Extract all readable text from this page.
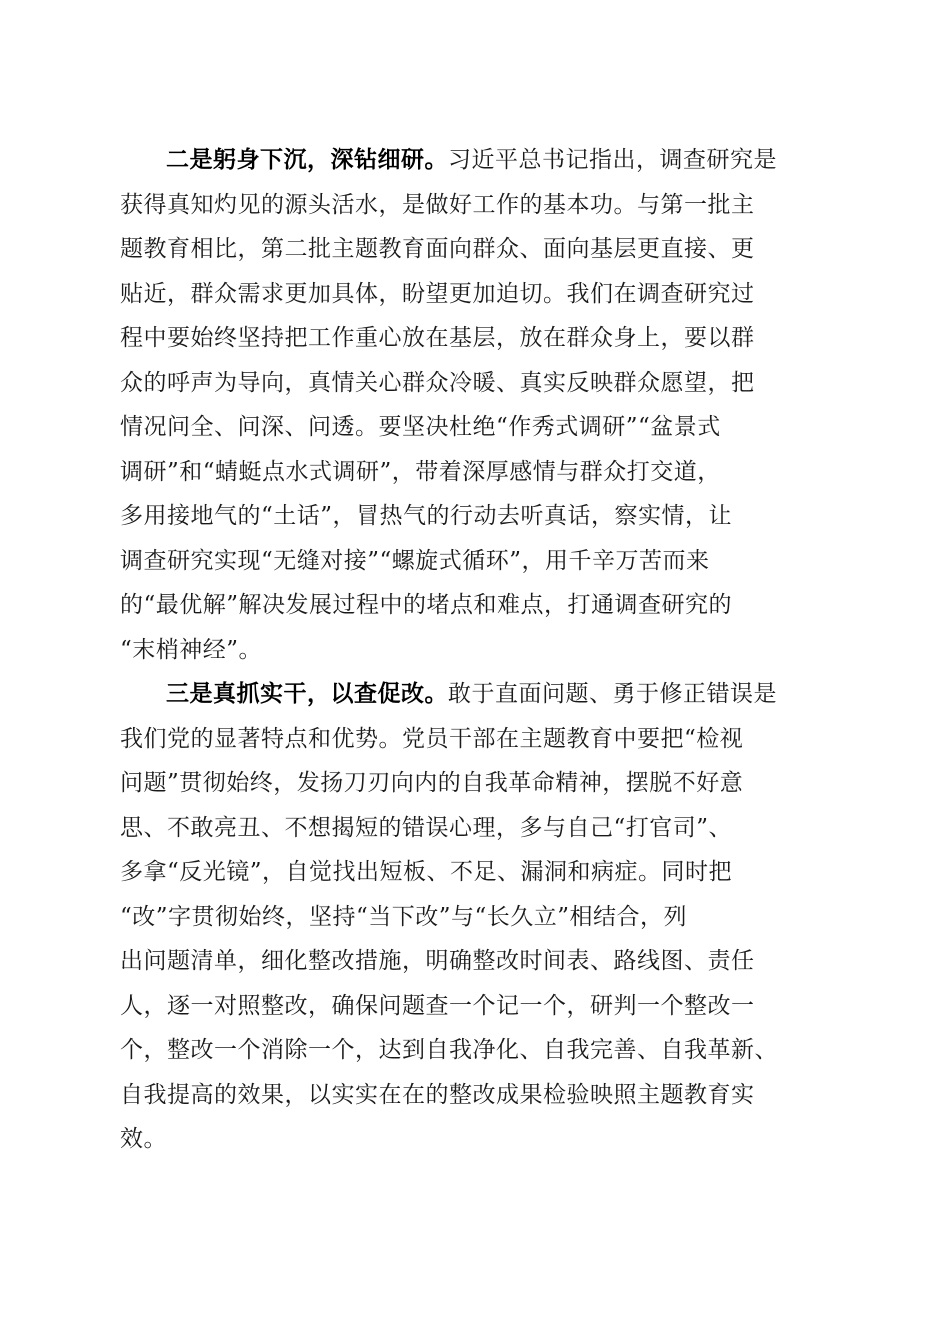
二是躬身下沉，深钻细研。习近平总书记指出，调查研究是
获得真知灼见的源头活水，是做好工作的基本功。与第一批主
题教育相比，第二批主题教育面向群众、面向基层更直接、更
贴近，群众需求更加具体，盼望更加迫切。我们在调查研究过
程中要始终坚持把工作重心放在基层，放在群众身上，要以群
众的呼声为导向，真情关心群众冷暖、真实反映群众愿望，把
情况问全、问深、问透。要坚决杜绝“作秀式调研”“盆景式
调研”和“蜻蜓点水式调研”，带着深厚感情与群众打交道，
多用接地气的“土话”，冒热气的行动去听真话，察实情，让
调查研究实现“无缝对接”“螺旋式循环”，用千辛万苦而来
的“最优解”解决发展过程中的堵点和难点，打通调查研究的
“末梢神经”。
三是真抓实干，以查促改。敢于直面问题、勇于修正错误是
我们党的显著特点和优势。党员干部在主题教育中要把“检视
问题”贯彻始终，发扬刀刃向内的自我革命精神，摆脱不好意
思、不敢亮丑、不想揭短的错误心理，多与自己“打官司”、
多拿“反光镜”，自觉找出短板、不足、漏洞和病症。同时把
“改”字贯彻始终，坚持“当下改”与“长久立”相结合，列
出问题清单，细化整改措施，明确整改时间表、路线图、责任
人，逐一对照整改，确保问题查一个记一个，研判一个整改一
个，整改一个消除一个，达到自我净化、自我完善、自我革新、
自我提高的效果，以实实在在的整改成果检验映照主题教育实
效。
